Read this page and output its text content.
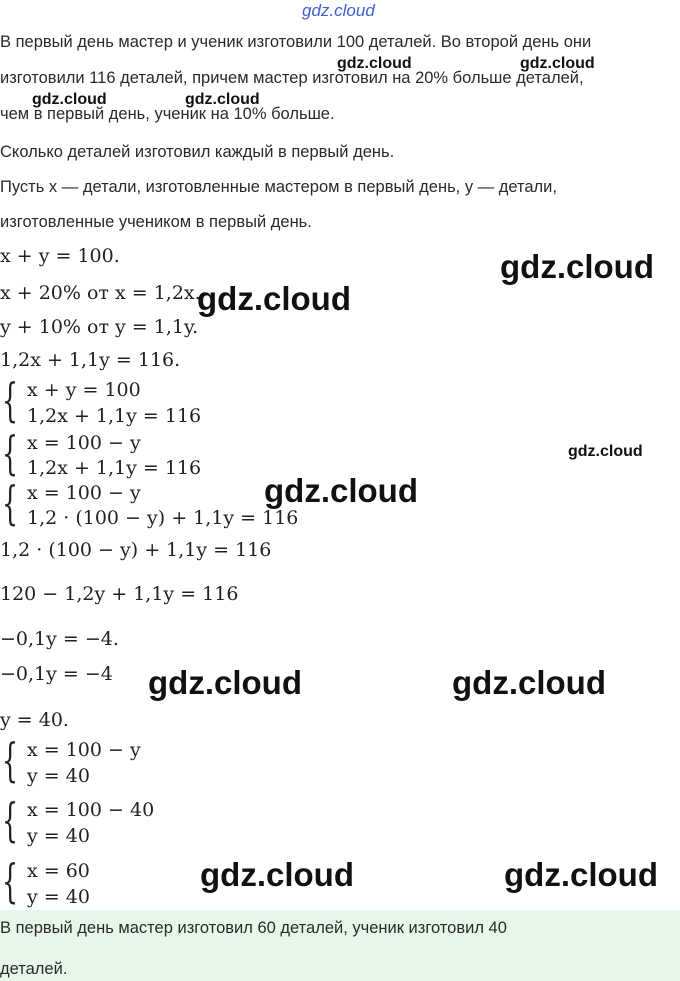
gdz.cloud
В первый день мастер и ученик изготовили 100 деталей. Во второй день они
изготовили 116 деталей, причем мастер изготовил на 20% больше деталей,
чем в первый день, ученик на 10% больше.
Сколько деталей изготовил каждый в первый день.
Пусть x — детали, изготовленные мастером в первый день, y — детали,
изготовленные учеником в первый день.
x + y = 100.
x + 20% от x = 1,2x.
y + 10% от y = 1,1y.
1,2x + 1,1y = 116.
{ x + y = 100
1,2x + 1,1y = 116
{ x = 100 − y
1,2x + 1,1y = 116
{ x = 100 − y
1,2 · (100 − y) + 1,1y = 116
1,2 · (100 − y) + 1,1y = 116
120 − 1,2y + 1,1y = 116
−0,1y = −4.
−0,1y = −4
y = 40.
{ x = 100 − y
y = 40
{ x = 100 − 40
y = 40
{ x = 60
y = 40
В первый день мастер изготовил 60 деталей, ученик изготовил 40
деталей.
gdz.cloud	gdz.cloud
gdz.cloud	gdz.cloud
gdz.cloud
gdz.cloud
gdz.cloud
gdz.cloud
gdz.cloud	gdz.cloud
gdz.cloud	gdz.cloud
